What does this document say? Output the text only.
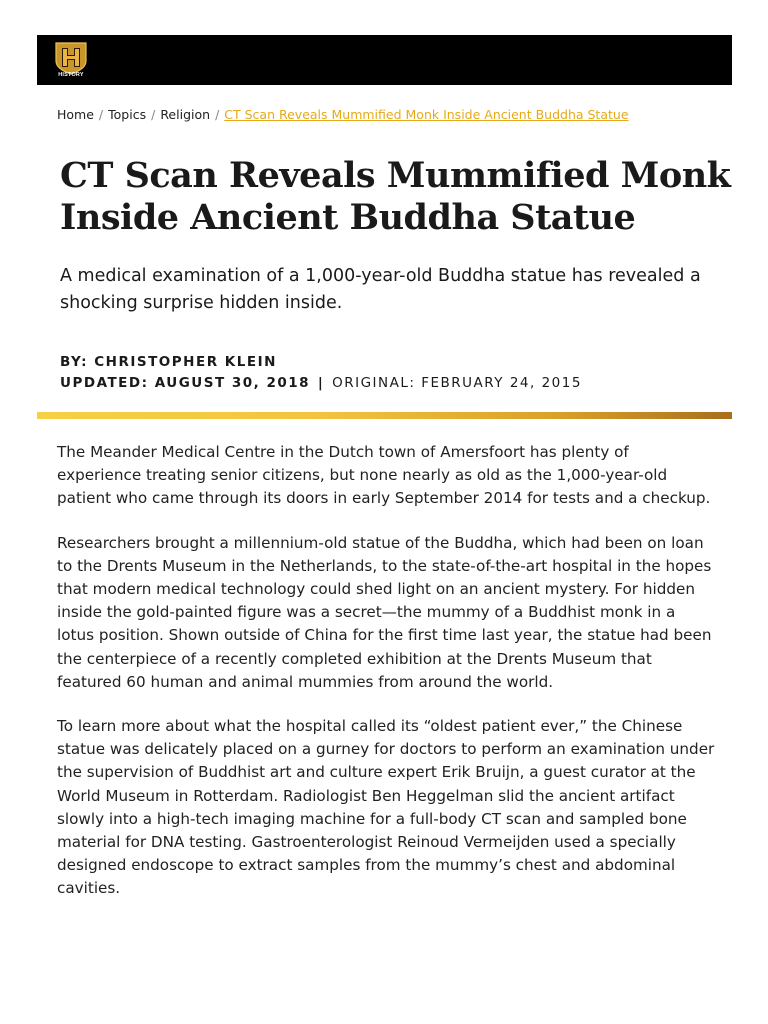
HISTORY
Home / Topics / Religion / CT Scan Reveals Mummified Monk Inside Ancient Buddha Statue
CT Scan Reveals Mummified Monk Inside Ancient Buddha Statue

A medical examination of a 1,000-year-old Buddha statue has revealed a shocking surprise hidden inside.

BY: CHRISTOPHER KLEIN
UPDATED: AUGUST 30, 2018 | ORIGINAL: FEBRUARY 24, 2015

The Meander Medical Centre in the Dutch town of Amersfoort has plenty of experience treating senior citizens, but none nearly as old as the 1,000-year-old patient who came through its doors in early September 2014 for tests and a checkup.

Researchers brought a millennium-old statue of the Buddha, which had been on loan to the Drents Museum in the Netherlands, to the state-of-the-art hospital in the hopes that modern medical technology could shed light on an ancient mystery. For hidden inside the gold-painted figure was a secret—the mummy of a Buddhist monk in a lotus position. Shown outside of China for the first time last year, the statue had been the centerpiece of a recently completed exhibition at the Drents Museum that featured 60 human and animal mummies from around the world.

To learn more about what the hospital called its “oldest patient ever,” the Chinese statue was delicately placed on a gurney for doctors to perform an examination under the supervision of Buddhist art and culture expert Erik Bruijn, a guest curator at the World Museum in Rotterdam. Radiologist Ben Heggelman slid the ancient artifact slowly into a high-tech imaging machine for a full-body CT scan and sampled bone material for DNA testing. Gastroenterologist Reinoud Vermeijden used a specially designed endoscope to extract samples from the mummy’s chest and abdominal cavities.
